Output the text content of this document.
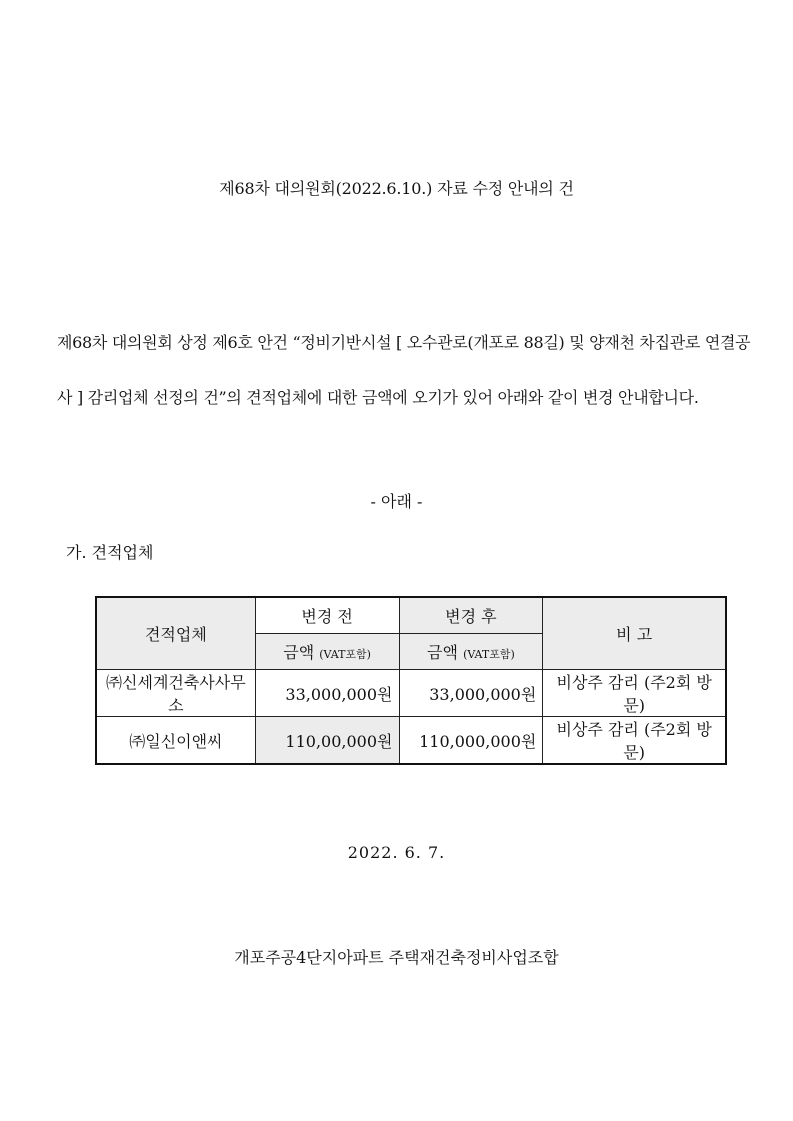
제68차 대의원회(2022.6.10.) 자료 수정 안내의 건
제68차 대의원회 상정 제6호 안건 “정비기반시설 [ 오수관로(개포로 88길) 및 양재천 차집관로 연결공
사 ] 감리업체 선정의 건”의 견적업체에 대한 금액에 오기가 있어 아래와 같이 변경 안내합니다.
- 아래 -
가. 견적업체
견적업체	변경 전	변경 후	비 고
	금액 (VAT포함)	금액 (VAT포함)	
㈜신세계건축사사무소	33,000,000원	33,000,000원	비상주 감리 (주2회 방문)
㈜일신이앤씨	110,00,000원	110,000,000원	비상주 감리 (주2회 방문)
2022. 6. 7.
개포주공4단지아파트 주택재건축정비사업조합
